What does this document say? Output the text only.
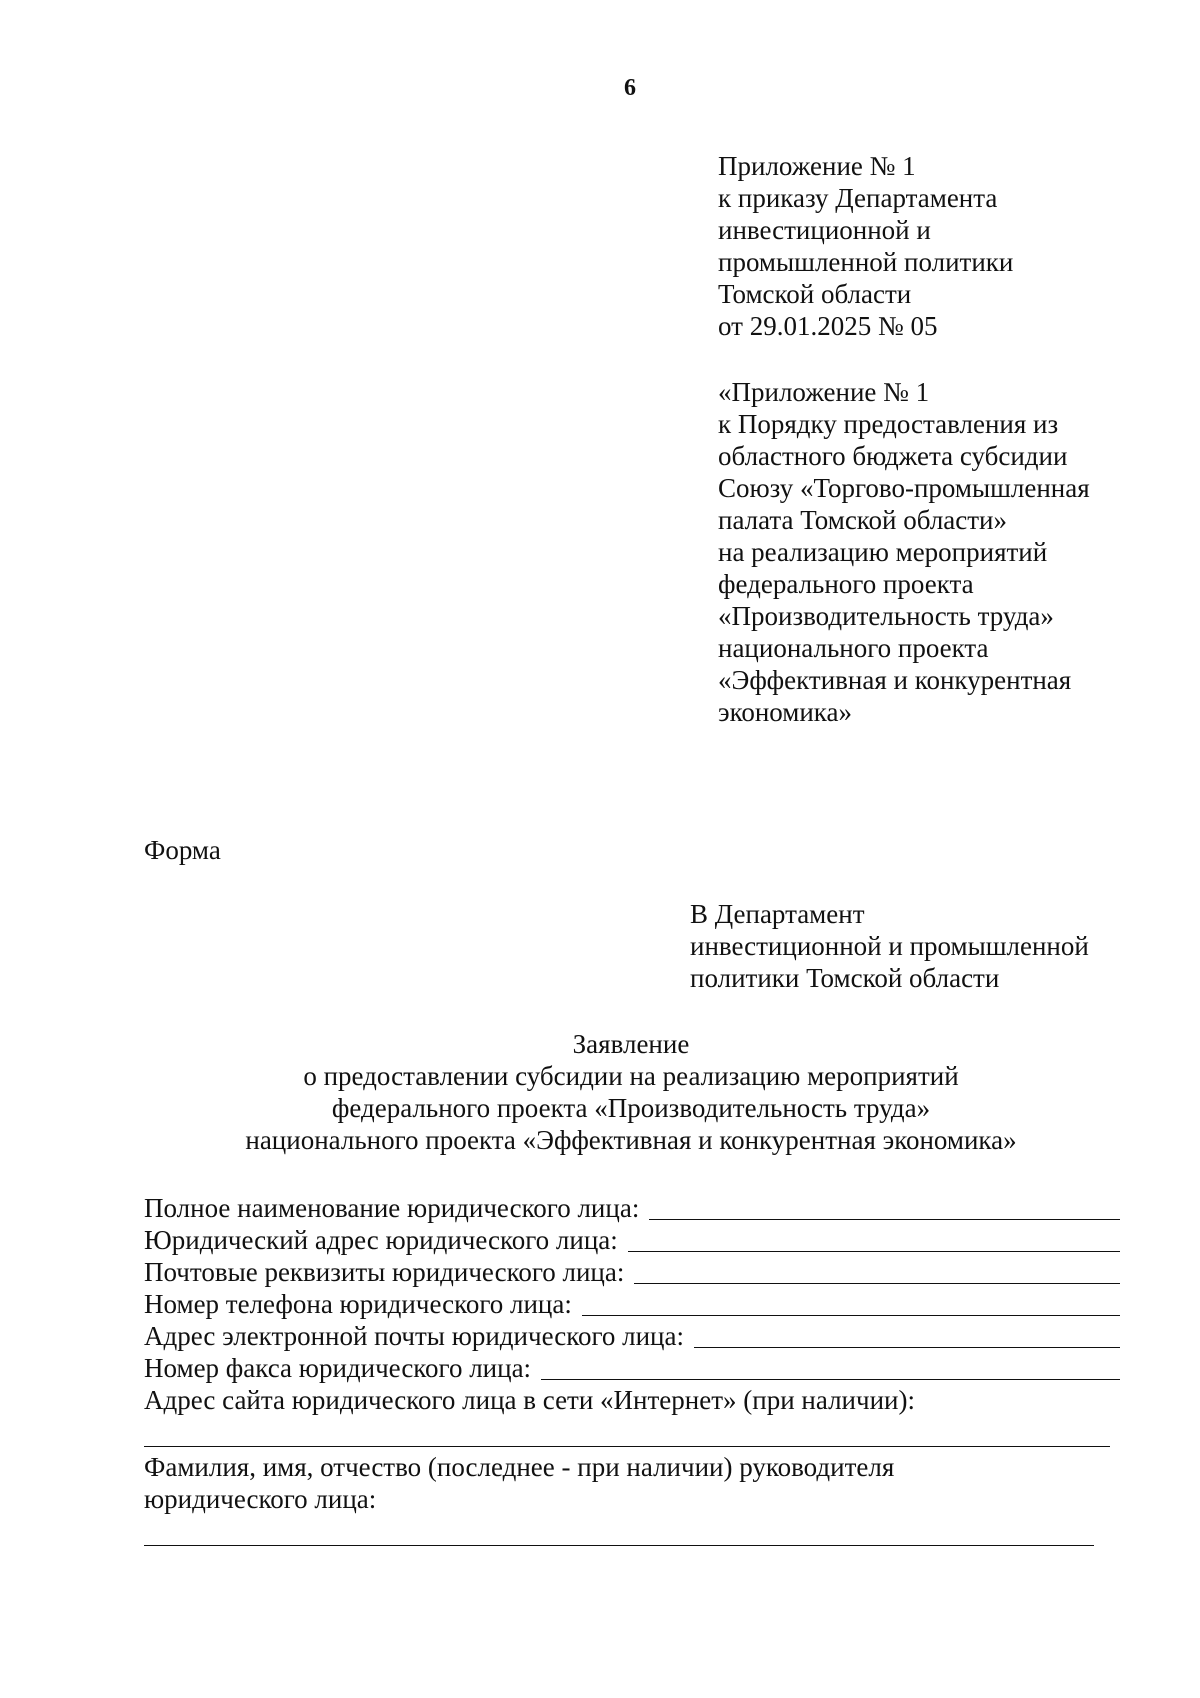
6
Приложение № 1
к приказу Департамента
инвестиционной и
промышленной политики
Томской области
от 29.01.2025 № 05
«Приложение № 1
к Порядку предоставления из
областного бюджета субсидии
Союзу «Торгово-промышленная
палата Томской области»
на реализацию мероприятий
федерального проекта
«Производительность труда»
национального проекта
«Эффективная и конкурентная
экономика»
Форма
В Департамент
инвестиционной и промышленной
политики Томской области
Заявление
о предоставлении субсидии на реализацию мероприятий
федерального проекта «Производительность труда»
национального проекта «Эффективная и конкурентная экономика»
Полное наименование юридического лица:
Юридический адрес юридического лица:
Почтовые реквизиты юридического лица:
Номер телефона юридического лица:
Адрес электронной почты юридического лица:
Номер факса юридического лица:
Адрес сайта юридического лица в сети «Интернет» (при наличии):
Фамилия, имя, отчество (последнее - при наличии) руководителя
юридического лица:
